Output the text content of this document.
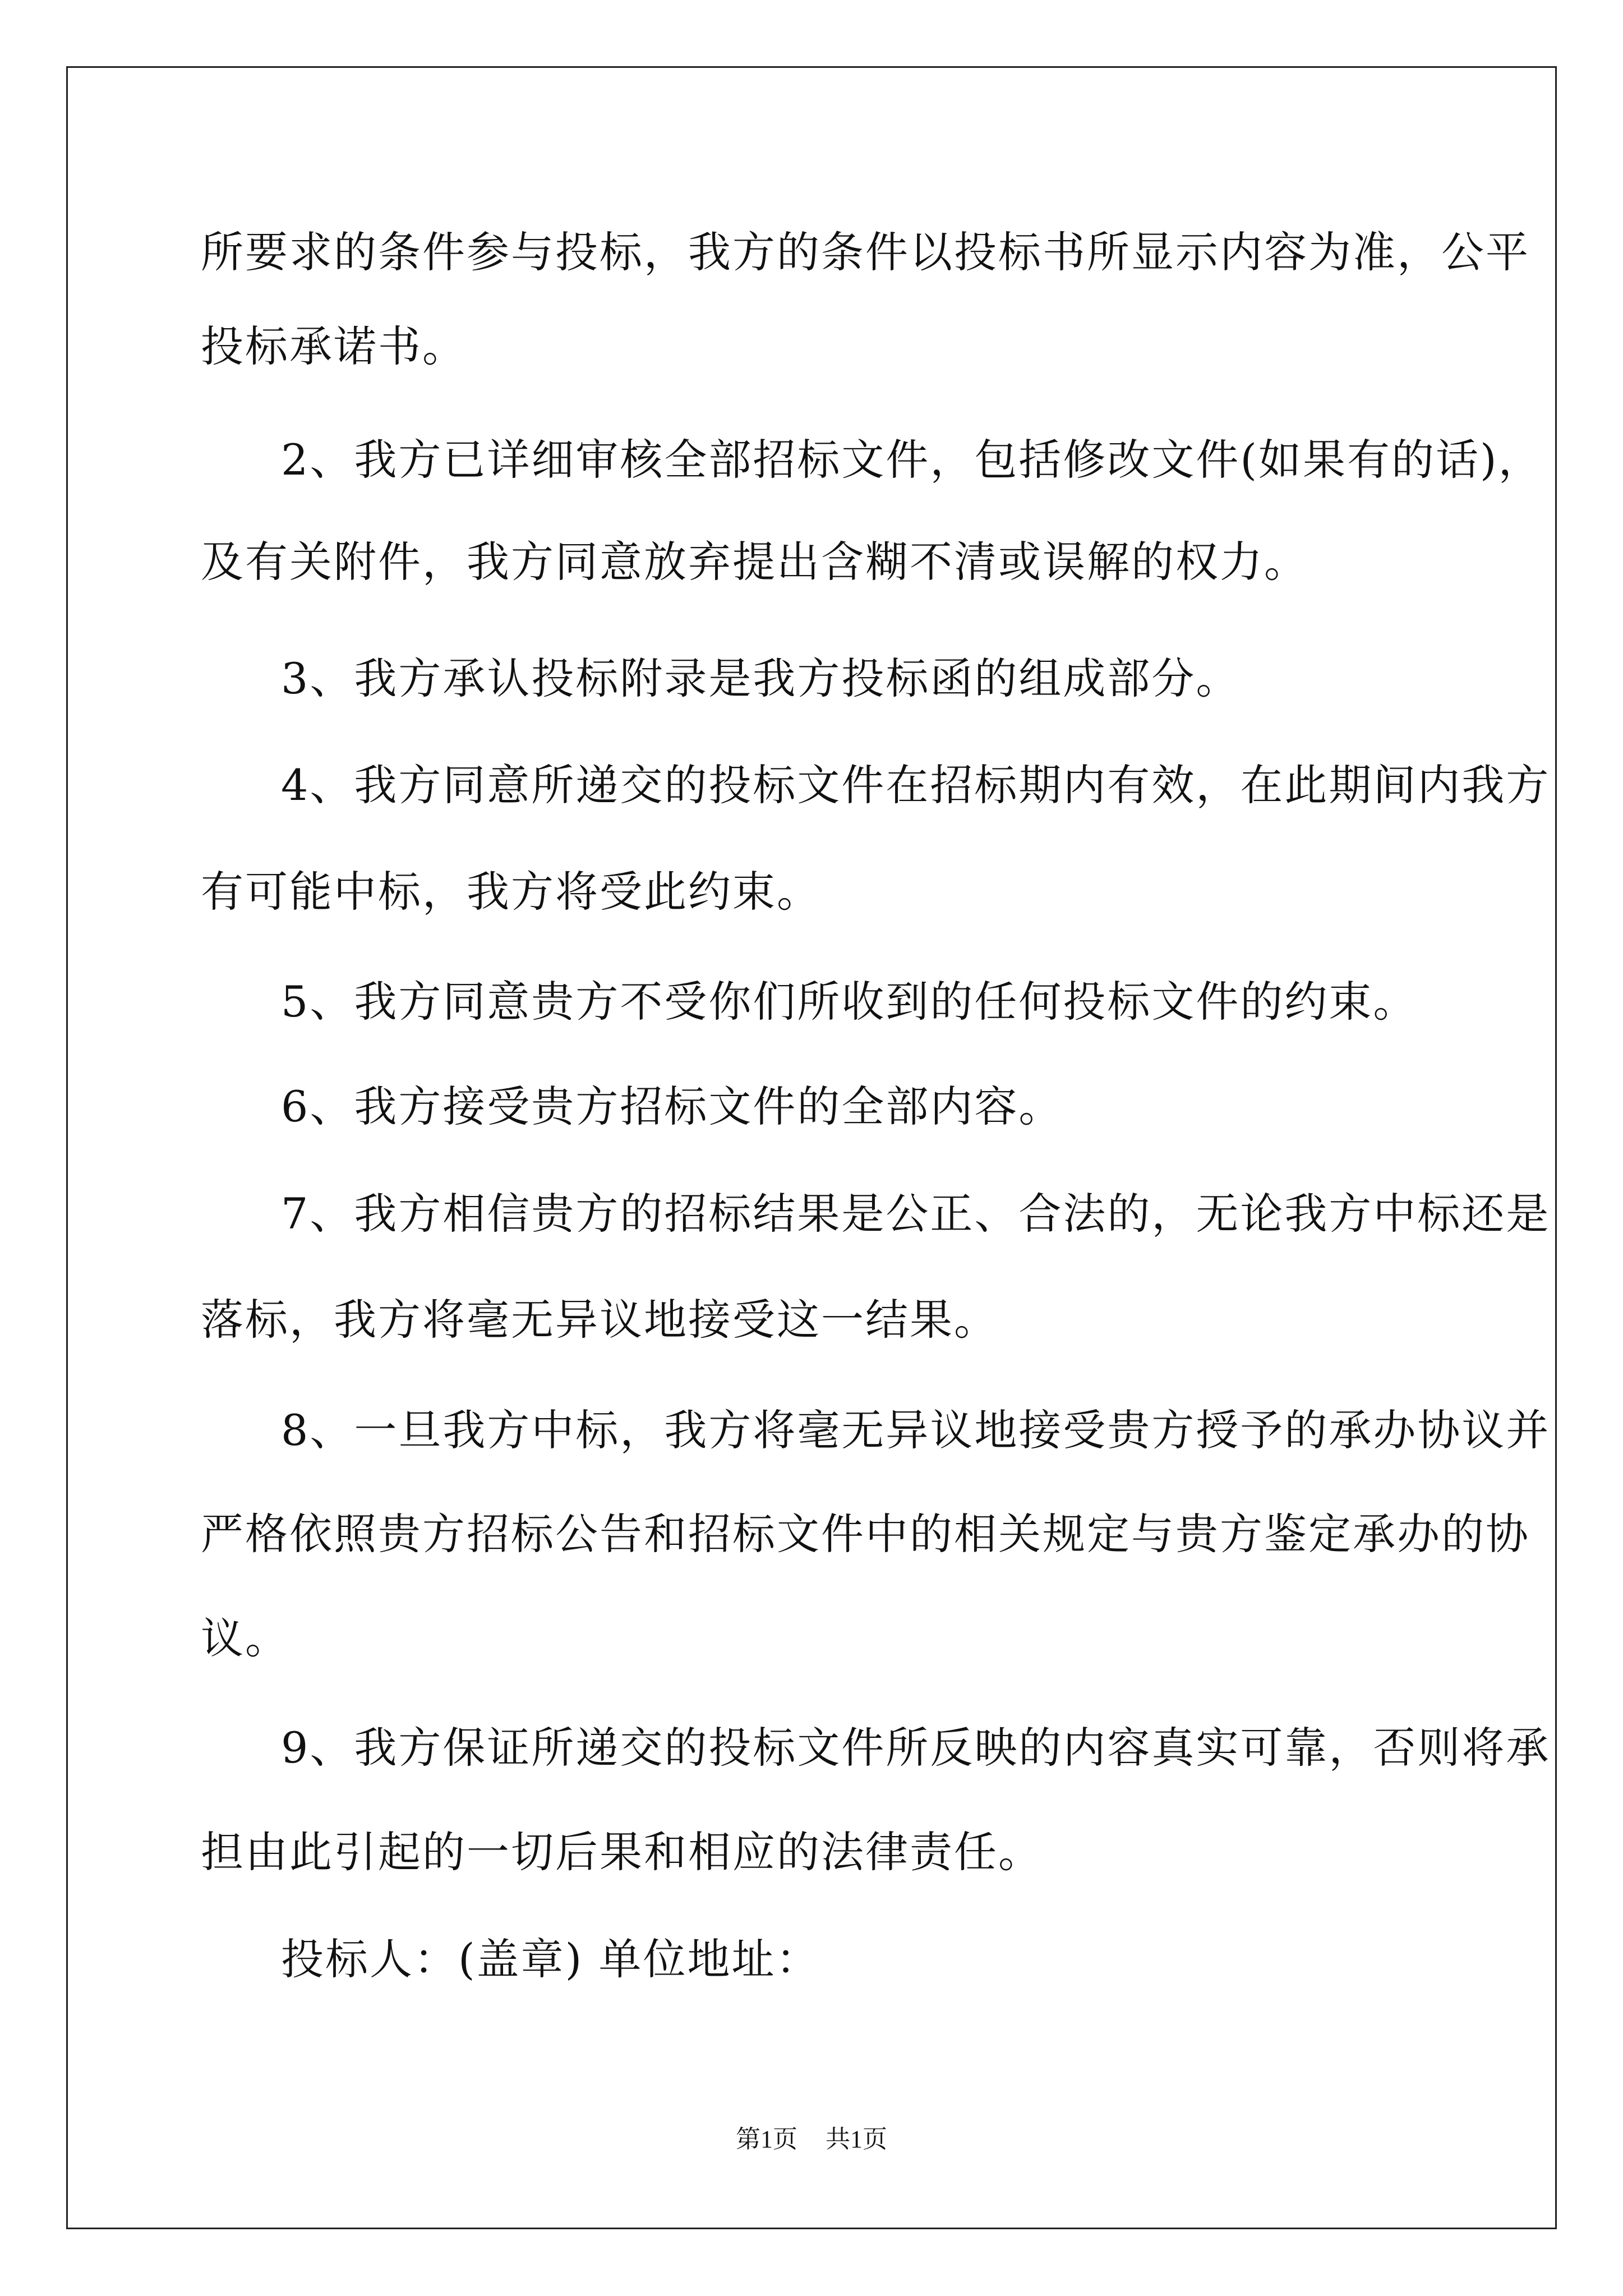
所要求的条件参与投标，我方的条件以投标书所显示内容为准，公平
投标承诺书。
2、我方已详细审核全部招标文件，包括修改文件(如果有的话)，
及有关附件，我方同意放弃提出含糊不清或误解的权力。
3、我方承认投标附录是我方投标函的组成部分。
4、我方同意所递交的投标文件在招标期内有效，在此期间内我方
有可能中标，我方将受此约束。
5、我方同意贵方不受你们所收到的任何投标文件的约束。
6、我方接受贵方招标文件的全部内容。
7、我方相信贵方的招标结果是公正、合法的，无论我方中标还是
落标，我方将毫无异议地接受这一结果。
8、一旦我方中标，我方将毫无异议地接受贵方授予的承办协议并
严格依照贵方招标公告和招标文件中的相关规定与贵方鉴定承办的协
议。
9、我方保证所递交的投标文件所反映的内容真实可靠，否则将承
担由此引起的一切后果和相应的法律责任。
投标人：(盖章) 单位地址：
第1页 共1页
